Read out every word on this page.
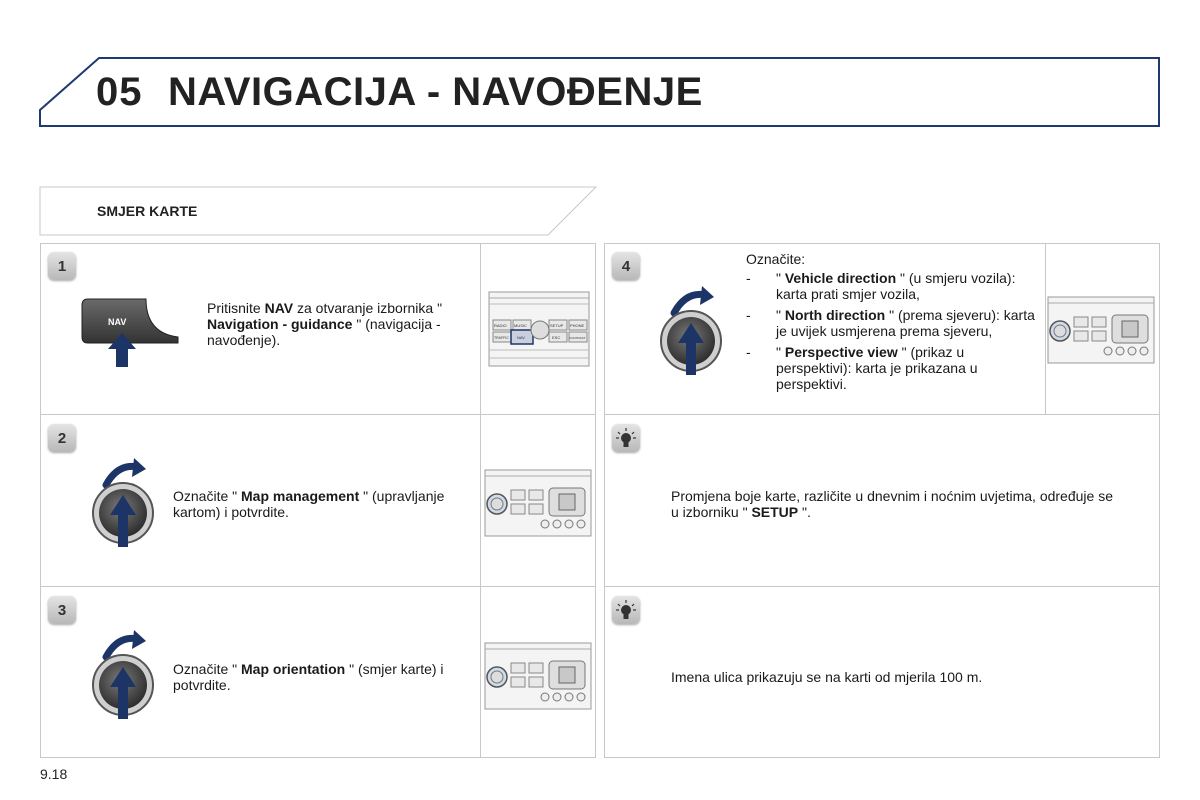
05 NAVIGACIJA - NAVOĐENJE
SMJER KARTE
1
NAV
Pritisnite NAV za otvaranje izbornika " Navigation - guidance " (navigacija - navođenje).
RADIO MUSIC	SETUP PHONE
TRAFFIC NAV	ESC	CONTRAST
2
Označite " Map management " (upravljanje kartom) i potvrdite.
3
Označite " Map orientation " (smjer karte) i potvrdite.
4	Označite:
- " Vehicle direction " (u smjeru vozila): karta prati smjer vozila,
- " North direction " (prema sjeveru): karta je uvijek usmjerena prema sjeveru,
- " Perspective view " (prikaz u perspektivi): karta je prikazana u perspektivi.
Promjena boje karte, različite u dnevnim i noćnim uvjetima, određuje se u izborniku " SETUP ".
Imena ulica prikazuju se na karti od mjerila 100 m.
9.18
